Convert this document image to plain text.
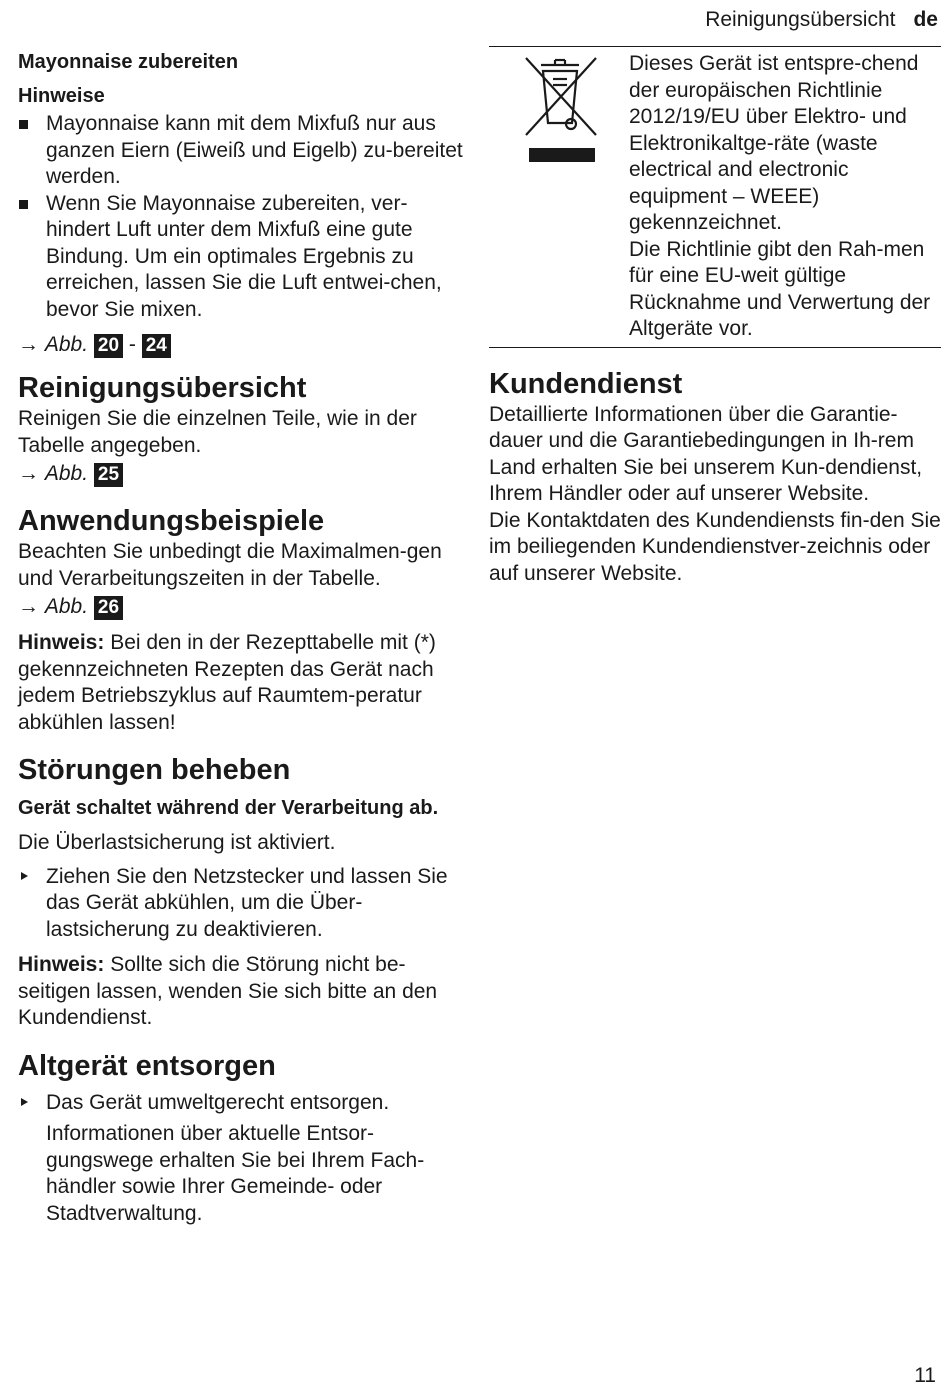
Reinigungsübersicht de

Mayonnaise zubereiten

Hinweise

Mayonnaise kann mit dem Mixfuß nur aus ganzen Eiern (Eiweiß und Eigelb) zu-bereitet werden.
Wenn Sie Mayonnaise zubereiten, ver-hindert Luft unter dem Mixfuß eine gute Bindung. Um ein optimales Ergebnis zu erreichen, lassen Sie die Luft entwei-chen, bevor Sie mixen.
→ Abb. 20 - 24
Reinigungsübersicht

Reinigen Sie die einzelnen Teile, wie in der Tabelle angegeben.

→ Abb. 25
Anwendungsbeispiele

Beachten Sie unbedingt die Maximalmen-gen und Verarbeitungszeiten in der Tabelle.

→ Abb. 26

Hinweis: Bei den in der Rezepttabelle mit (*) gekennzeichneten Rezepten das Gerät nach jedem Betriebszyklus auf Raumtem-peratur abkühlen lassen!

Störungen beheben

Gerät schaltet während der Verarbeitung ab.

Die Überlastsicherung ist aktiviert.

Ziehen Sie den Netzstecker und lassen Sie das Gerät abkühlen, um die Über-lastsicherung zu deaktivieren.

Hinweis: Sollte sich die Störung nicht be-seitigen lassen, wenden Sie sich bitte an den Kundendienst.

Altgerät entsorgen
Das Gerät umweltgerecht entsorgen.

Informationen über aktuelle Entsor-gungswege erhalten Sie bei Ihrem Fach-händler sowie Ihrer Gemeinde- oder Stadtverwaltung.

Dieses Gerät ist entspre-chend der europäischen Richtlinie 2012/19/EU über Elektro- und Elektronikaltge-räte (waste electrical and electronic equipment – WEEE) gekennzeichnet.

Die Richtlinie gibt den Rah-men für eine EU-weit gültige Rücknahme und Verwertung der Altgeräte vor.

Kundendienst

Detaillierte Informationen über die Garantie-dauer und die Garantiebedingungen in Ih-rem Land erhalten Sie bei unserem Kun-dendienst, Ihrem Händler oder auf unserer Website.

Die Kontaktdaten des Kundendiensts fin-den Sie im beiliegenden Kundendienstver-zeichnis oder auf unserer Website.

11
